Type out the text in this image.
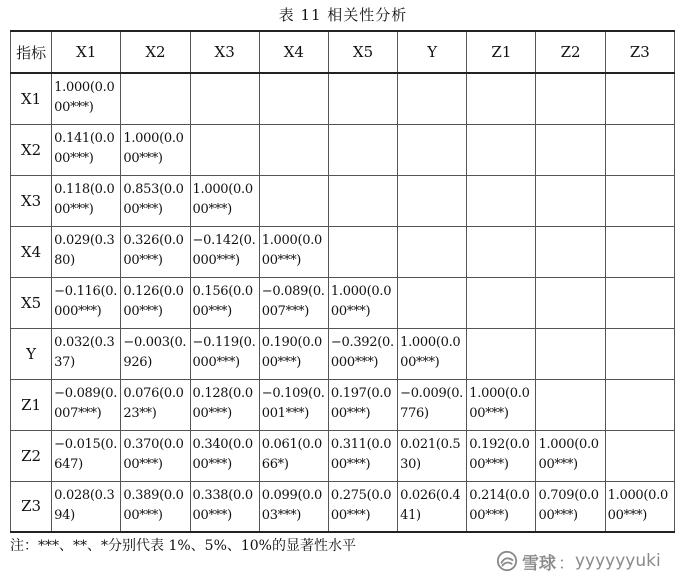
表 11 相关性分析
指标	X1	X2	X3	X4	X5	Y	Z1	Z2	Z3
X1	1.000(0.000***)								
X2	0.141(0.000***)	1.000(0.000***)							
X3	0.118(0.000***)	0.853(0.000***)	1.000(0.000***)						
X4	0.029(0.380)	0.326(0.000***)	−0.142(0.000***)	1.000(0.000***)					
X5	−0.116(0.000***)	0.126(0.000***)	0.156(0.000***)	−0.089(0.007***)	1.000(0.000***)				
Y	0.032(0.337)	−0.003(0.926)	−0.119(0.000***)	0.190(0.000***)	−0.392(0.000***)	1.000(0.000***)			
Z1	−0.089(0.007***)	0.076(0.023**)	0.128(0.000***)	−0.109(0.001***)	0.197(0.000***)	−0.009(0.776)	1.000(0.000***)		
Z2	−0.015(0.647)	0.370(0.000***)	0.340(0.000***)	0.061(0.066*)	0.311(0.000***)	0.021(0.530)	0.192(0.000***)	1.000(0.000***)	
Z3	0.028(0.394)	0.389(0.000***)	0.338(0.000***)	0.099(0.003***)	0.275(0.000***)	0.026(0.441)	0.214(0.000***)	0.709(0.000***)	1.000(0.000***)
注：***、**、*分别代表 1%、5%、10%的显著性水平
雪球 ： yyyyyyuki
